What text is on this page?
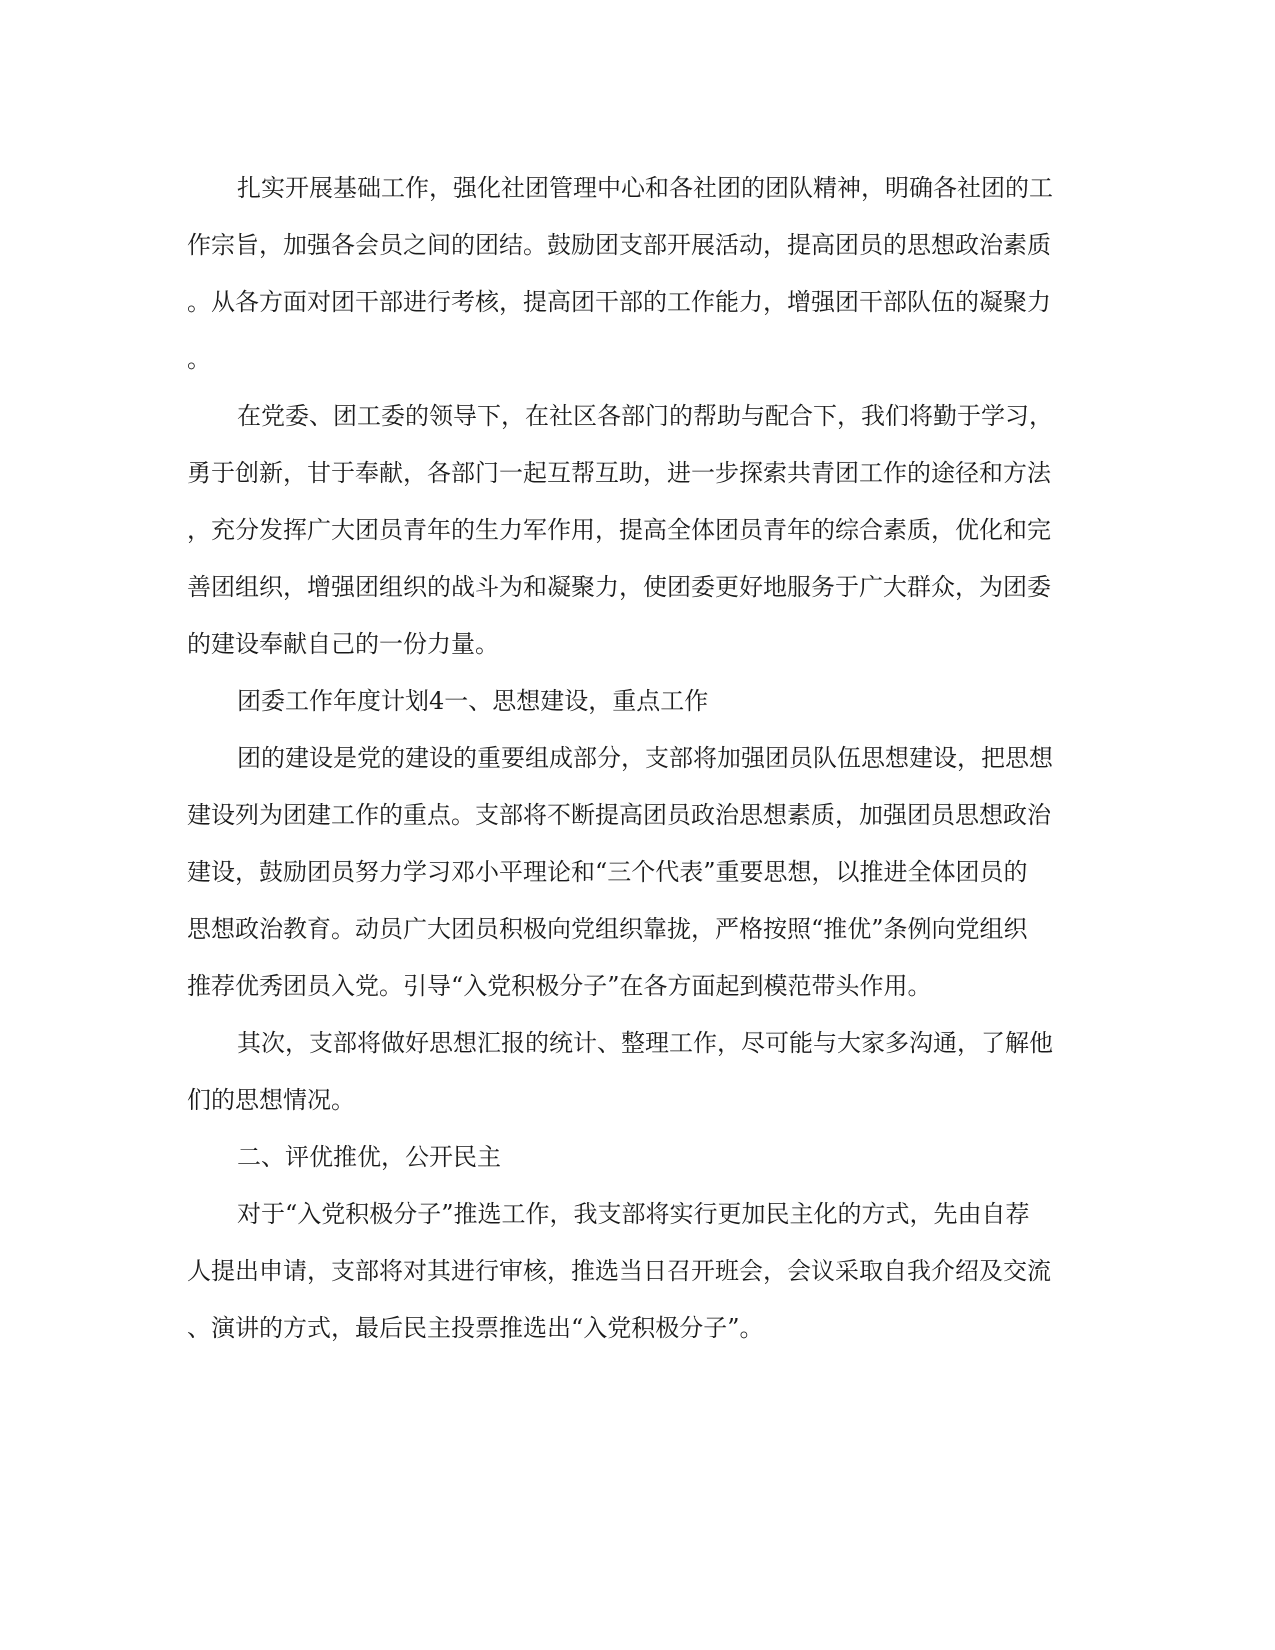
扎实开展基础工作，强化社团管理中心和各社团的团队精神，明确各社团的工
作宗旨，加强各会员之间的团结。鼓励团支部开展活动，提高团员的思想政治素质
。从各方面对团干部进行考核，提高团干部的工作能力，增强团干部队伍的凝聚力
。
在党委、团工委的领导下，在社区各部门的帮助与配合下，我们将勤于学习，
勇于创新，甘于奉献，各部门一起互帮互助，进一步探索共青团工作的途径和方法
，充分发挥广大团员青年的生力军作用，提高全体团员青年的综合素质，优化和完
善团组织，增强团组织的战斗为和凝聚力，使团委更好地服务于广大群众，为团委
的建设奉献自己的一份力量。
团委工作年度计划4一、思想建设，重点工作
团的建设是党的建设的重要组成部分，支部将加强团员队伍思想建设，把思想
建设列为团建工作的重点。支部将不断提高团员政治思想素质，加强团员思想政治
建设，鼓励团员努力学习邓小平理论和“三个代表”重要思想，以推进全体团员的
思想政治教育。动员广大团员积极向党组织靠拢，严格按照“推优”条例向党组织
推荐优秀团员入党。引导“入党积极分子”在各方面起到模范带头作用。
其次，支部将做好思想汇报的统计、整理工作，尽可能与大家多沟通，了解他
们的思想情况。
二、评优推优，公开民主
对于“入党积极分子”推选工作，我支部将实行更加民主化的方式，先由自荐
人提出申请，支部将对其进行审核，推选当日召开班会，会议采取自我介绍及交流
、演讲的方式，最后民主投票推选出“入党积极分子”。
